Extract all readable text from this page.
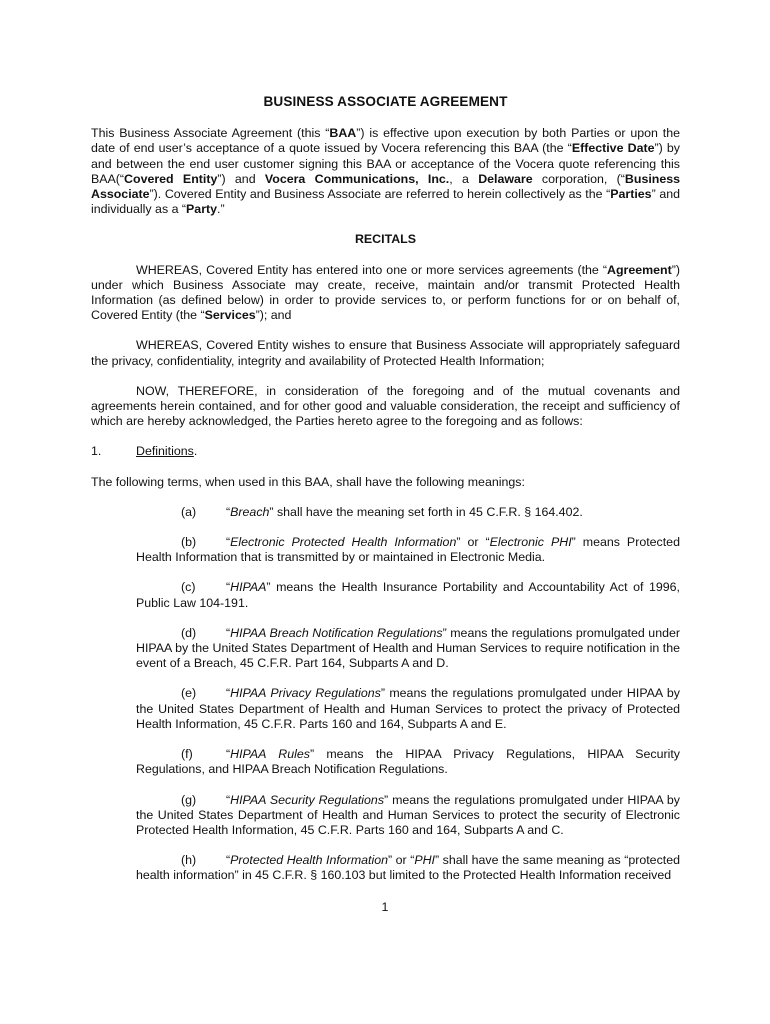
BUSINESS ASSOCIATE AGREEMENT

This Business Associate Agreement (this “BAA”) is effective upon execution by both Parties or upon the date of end user’s acceptance of a quote issued by Vocera referencing this BAA (the “Effective Date”) by and between the end user customer signing this BAA or acceptance of the Vocera quote referencing this BAA(“Covered Entity”) and Vocera Communications, Inc., a Delaware corporation, (“Business Associate”). Covered Entity and Business Associate are referred to herein collectively as the “Parties” and individually as a “Party.”

RECITALS

WHEREAS, Covered Entity has entered into one or more services agreements (the “Agreement”) under which Business Associate may create, receive, maintain and/or transmit Protected Health Information (as defined below) in order to provide services to, or perform functions for or on behalf of, Covered Entity (the “Services”); and

WHEREAS, Covered Entity wishes to ensure that Business Associate will appropriately safeguard the privacy, confidentiality, integrity and availability of Protected Health Information;

NOW, THEREFORE, in consideration of the foregoing and of the mutual covenants and agreements herein contained, and for other good and valuable consideration, the receipt and sufficiency of which are hereby acknowledged, the Parties hereto agree to the foregoing and as follows:

1.	Definitions.

The following terms, when used in this BAA, shall have the following meanings:

(a) “Breach” shall have the meaning set forth in 45 C.F.R. § 164.402.

(b) “Electronic Protected Health Information” or “Electronic PHI” means Protected Health Information that is transmitted by or maintained in Electronic Media.

(c) “HIPAA” means the Health Insurance Portability and Accountability Act of 1996, Public Law 104-191.

(d) “HIPAA Breach Notification Regulations” means the regulations promulgated under HIPAA by the United States Department of Health and Human Services to require notification in the event of a Breach, 45 C.F.R. Part 164, Subparts A and D.

(e) “HIPAA Privacy Regulations” means the regulations promulgated under HIPAA by the United States Department of Health and Human Services to protect the privacy of Protected Health Information, 45 C.F.R. Parts 160 and 164, Subparts A and E.

(f)	“HIPAA Rules” means the HIPAA Privacy Regulations, HIPAA Security Regulations, and HIPAA Breach Notification Regulations.

(g) “HIPAA Security Regulations” means the regulations promulgated under HIPAA by the United States Department of Health and Human Services to protect the security of Electronic Protected Health Information, 45 C.F.R. Parts 160 and 164, Subparts A and C.

(h) “Protected Health Information” or “PHI” shall have the same meaning as “protected health information” in 45 C.F.R. § 160.103 but limited to the Protected Health Information received

1
